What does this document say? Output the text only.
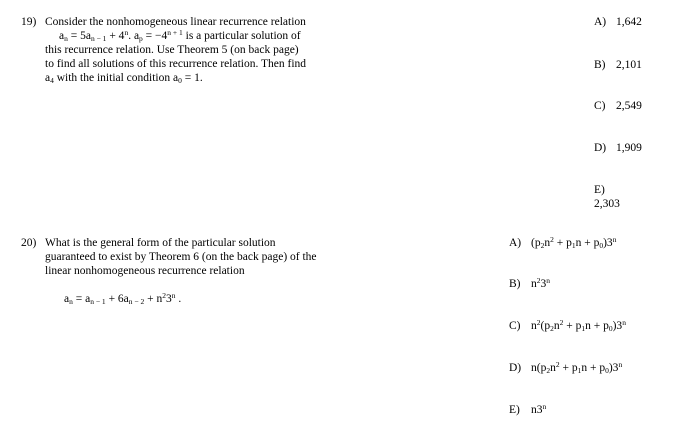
19) Consider the nonhomogeneous linear recurrence relation
$a_n = 5a_{n - 1} + 4^n$. $a_p = -4^{n + 1}$ is a particular solution of
this recurrence relation. Use Theorem 5 (on back page)
to find all solutions of this recurrence relation. Then find
$a_4$ with the initial condition $a_0 = 1$.
A) 1,642
B) 2,101
C) 2,549
D) 1,909
E)
2,303
20) What is the general form of the particular solution
guaranteed to exist by Theorem 6 (on the back page) of the
linear nonhomogeneous recurrence relation
$a_n = a_{n - 1} + 6a_{n - 2} + n^23^n$ .
A) $(p_2n^2 + p_1n + p_0)3^n$
B) $n^23^n$
C) $n^2(p_2n^2 + p_1n + p_0)3^n$
D) $n(p_2n^2 + p_1n + p_0)3^n$
E) n3$^n$
